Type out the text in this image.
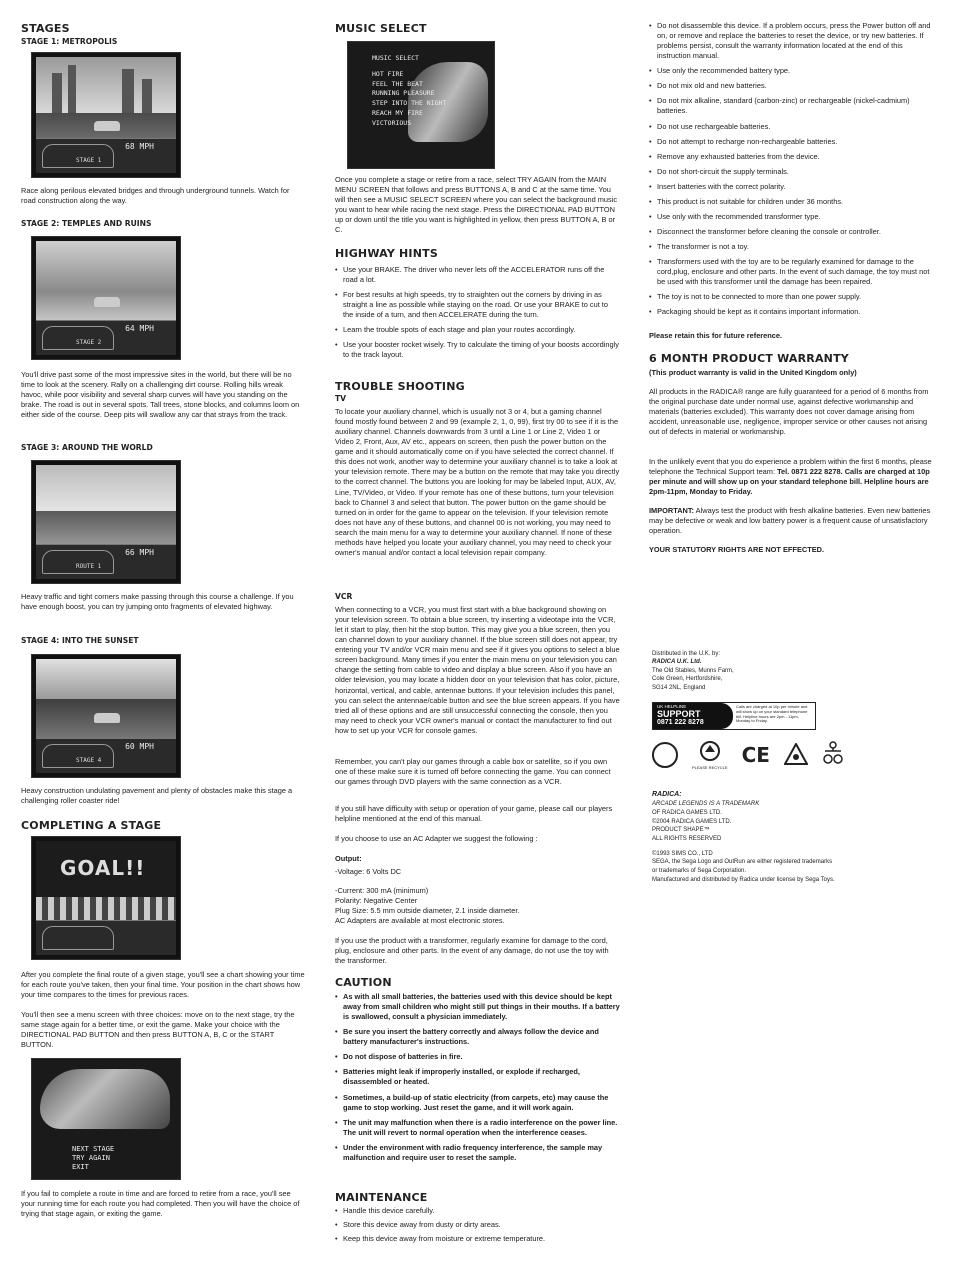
STAGES
STAGE 1: METROPOLIS
68 MPH
STAGE 1

Race along perilous elevated bridges and through underground tunnels. Watch for road construction along the way.

STAGE 2: TEMPLES AND RUINS
64 MPH
STAGE 2

You'll drive past some of the most impressive sites in the world, but there will be no time to look at the scenery. Rally on a challenging dirt course. Rolling hills wreak havoc, while poor visibility and several sharp curves will have you standing on the brake. The road is out in several spots. Tall trees, stone blocks, and columns loom on either side of the course. Deep pits will swallow any car that strays from the track.

STAGE 3: AROUND THE WORLD
66 MPH
ROUTE 1

Heavy traffic and tight corners make passing through this course a challenge. If you have enough boost, you can try jumping onto fragments of elevated highway.

STAGE 4: INTO THE SUNSET
60 MPH
STAGE 4

Heavy construction undulating pavement and plenty of obstacles make this stage a challenging roller coaster ride!

COMPLETING A STAGE
GOAL!!

After you complete the final route of a given stage, you'll see a chart showing your time for each route you've taken, then your final time. Your position in the chart shows how your time compares to the times for previous races.

You'll then see a menu screen with three choices: move on to the next stage, try the same stage again for a better time, or exit the game. Make your choice with the DIRECTIONAL PAD BUTTON and then press BUTTON A, B, C or the START BUTTON.

NEXT STAGE
TRY AGAIN
EXIT

If you fail to complete a route in time and are forced to retire from a race, you'll see your running time for each route you had completed. Then you will have the choice of trying that stage again, or exiting the game.

MUSIC SELECT
MUSIC SELECT
HOT FIRE
FEEL THE BEAT
RUNNING PLEASURE
STEP INTO THE NIGHT
REACH MY FIRE
VICTORIOUS

Once you complete a stage or retire from a race, select TRY AGAIN from the MAIN MENU SCREEN that follows and press BUTTONS A, B and C at the same time. You will then see a MUSIC SELECT SCREEN where you can select the background music you want to hear while racing the next stage. Press the DIRECTIONAL PAD BUTTON up or down until the title you want is highlighted in yellow, then press BUTTON A, B or C.

HIGHWAY HINTS

• Use your BRAKE. The driver who never lets off the ACCELERATOR runs off the road a lot.

• For best results at high speeds, try to straighten out the corners by driving in as straight a line as possible while staying on the road. Or use your BRAKE to cut to the inside of a turn, and then ACCELERATE during the turn.

• Learn the trouble spots of each stage and plan your routes accordingly.

• Use your booster rocket wisely. Try to calculate the timing of your boosts accordingly to the track layout.

TROUBLE SHOOTING
TV

To locate your auxiliary channel, which is usually not 3 or 4, but a gaming channel found mostly found between 2 and 99 (example 2, 1, 0, 99), first try 00 to see if it is the auxiliary channel. Channels downwards from 3 until a Line 1 or Line 2, Video 1 or Video 2, Front, Aux, AV etc., appears on screen, then push the power button on the game and it should automatically come on if you have selected the correct channel. If this does not work, another way to determine your auxiliary channel is to take a look at your television remote. There may be a button on the remote that may take you directly to the correct channel. The buttons you are looking for may be labeled Input, AUX, AV, Line, TV/Video, or Video. If your remote has one of these buttons, turn your television back to Channel 3 and select that button. The power button on the game should be turned on in order for the game to appear on the television. If your television remote does not have any of these buttons, and channel 00 is not working, you may need to search the main menu for a way to determine your auxiliary channel. If none of these methods have helped you locate your auxiliary channel, you may need to check your owner's manual and/or contact a local television repair company.

VCR

When connecting to a VCR, you must first start with a blue background showing on your television screen. To obtain a blue screen, try inserting a videotape into the VCR, let it start to play, then hit the stop button. This may give you a blue screen, then you can channel down to your auxiliary channel. If the blue screen still does not appear, try entering your TV and/or VCR main menu and see if it gives you options to select a blue screen background. Many times if you enter the main menu on your television you can change the setting from cable to video and display a blue screen. Also if you have an older television, you may locate a hidden door on your television that has color, picture, horizontal, vertical, and cable, antennae buttons. If your television includes this panel, you can select the antennae/cable button and see the blue screen appears. If you have tried all of these options and are still unsuccessful connecting the console, then you may need to check your VCR owner's manual or contact the manufacturer to find out how to set up your VCR for console games.

Remember, you can't play our games through a cable box or satellite, so if you own one of these make sure it is turned off before connecting the game. You can connect our games through DVD players with the same connection as a VCR.

If you still have difficulty with setup or operation of your game, please call our players helpline mentioned at the end of this manual.

If you choose to use an AC Adapter we suggest the following :

Output:

-Voltage: 6 Volts DC

-Current: 300 mA (minimum)

Polarity: Negative Center

Plug Size: 5.5 mm outside diameter, 2.1 inside diameter.

AC Adapters are available at most electronic stores.

If you use the product with a transformer, regularly examine for damage to the cord, plug, enclosure and other parts. In the event of any damage, do not use the toy with the transformer.

CAUTION

• As with all small batteries, the batteries used with this device should be kept away from small children who might still put things in their mouths. If a battery is swallowed, consult a physician immediately.

• Be sure you insert the battery correctly and always follow the device and battery manufacturer's instructions.

• Do not dispose of batteries in fire.

• Batteries might leak if improperly installed, or explode if recharged, disassembled or heated.

• Sometimes, a build-up of static electricity (from carpets, etc) may cause the game to stop working. Just reset the game, and it will work again.

• The unit may malfunction when there is a radio interference on the power line. The unit will revert to normal operation when the interference ceases.

• Under the environment with radio frequency interference, the sample may malfunction and require user to reset the sample.

MAINTENANCE

• Handle this device carefully.

• Store this device away from dusty or dirty areas.

• Keep this device away from moisture or extreme temperature.

• Do not disassemble this device. If a problem occurs, press the Power button off and on, or remove and replace the batteries to reset the device, or try new batteries. If problems persist, consult the warranty information located at the end of this instruction manual.

• Use only the recommended battery type.

• Do not mix old and new batteries.

• Do not mix alkaline, standard (carbon-zinc) or rechargeable (nickel-cadmium) batteries.

• Do not use rechargeable batteries.

• Do not attempt to recharge non-rechargeable batteries.

• Remove any exhausted batteries from the device.

• Do not short-circuit the supply terminals.

• Insert batteries with the correct polarity.

• This product is not suitable for children under 36 months.

• Use only with the recommended transformer type.

• Disconnect the transformer before cleaning the console or controller.

• The transformer is not a toy.

• Transformers used with the toy are to be regularly examined for damage to the cord,plug, enclosure and other parts. In the event of such damage, the toy must not be used with this transformer until the damage has been repaired.

• The toy is not to be connected to more than one power supply.

• Packaging should be kept as it contains important information.

Please retain this for future reference.

6 MONTH PRODUCT WARRANTY

(This product warranty is valid in the United Kingdom only)

All products in the RADICA® range are fully guaranteed for a period of 6 months from the original purchase date under normal use, against defective workmanship and materials (batteries excluded). This warranty does not cover damage arising from accident, unreasonable use, negligence, improper service or other causes not arising out of defects in material or workmanship.

In the unlikely event that you do experience a problem within the first 6 months, please telephone the Technical Support team: Tel. 0871 222 8278. Calls are charged at 10p per minute and will show up on your standard telephone bill. Helpline hours are 2pm-11pm, Monday to Friday.

IMPORTANT: Always test the product with fresh alkaline batteries. Even new batteries may be defective or weak and low battery power is a frequent cause of unsatisfactory operation.

YOUR STATUTORY RIGHTS ARE NOT EFFECTED.

Distributed in the U.K. by:
RADICA U.K. Ltd.
The Old Stables, Munns Farm,
Cole Green, Hertfordshire,
SG14 2NL, England
UK HELPLINE
SUPPORT
0871 222 8278
Calls are charged at 10p per minute and will show up on your standard telephone bill. Helpline hours are 2pm - 11pm, Monday to Friday.
PLEASE RECYCLE
CE
RADICA:
ARCADE LEGENDS IS A TRADEMARK
OF RADICA GAMES LTD.
©2004 RADICA GAMES LTD.
PRODUCT SHAPE™
ALL RIGHTS RESERVED
©1993 SIMS CO., LTD
SEGA, the Sega Logo and OutRun are either registered trademarks
or trademarks of Sega Corporation.
Manufactured and distributed by Radica under license by Sega Toys.
